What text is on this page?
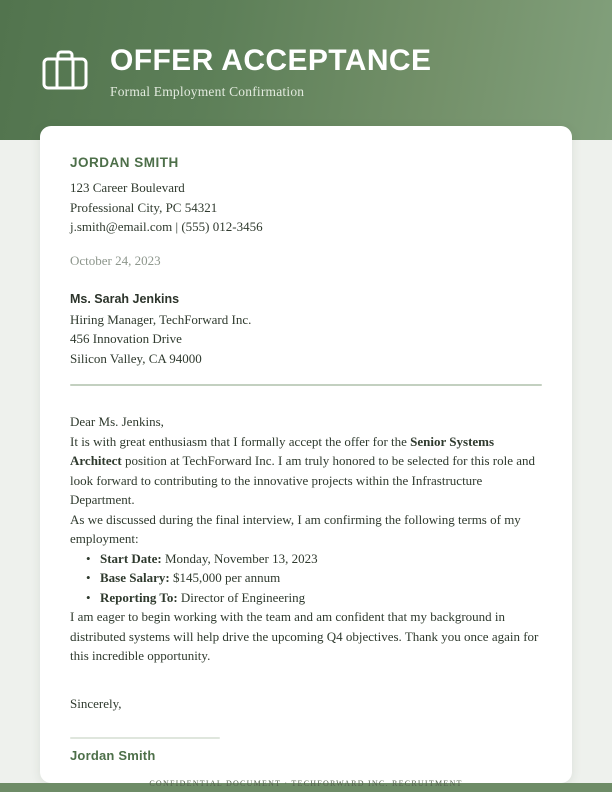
OFFER ACCEPTANCE
Formal Employment Confirmation
JORDAN SMITH
123 Career Boulevard
Professional City, PC 54321
j.smith@email.com | (555) 012-3456
October 24, 2023
Ms. Sarah Jenkins
Hiring Manager, TechForward Inc.
456 Innovation Drive
Silicon Valley, CA 94000
Dear Ms. Jenkins,
It is with great enthusiasm that I formally accept the offer for the Senior Systems Architect position at TechForward Inc. I am truly honored to be selected for this role and look forward to contributing to the innovative projects within the Infrastructure Department.
As we discussed during the final interview, I am confirming the following terms of my employment:
• Start Date: Monday, November 13, 2023
• Base Salary: $145,000 per annum
• Reporting To: Director of Engineering
I am eager to begin working with the team and am confident that my background in distributed systems will help drive the upcoming Q4 objectives. Thank you once again for this incredible opportunity.
Sincerely,
Jordan Smith
CONFIDENTIAL DOCUMENT · TECHFORWARD INC. RECRUITMENT
